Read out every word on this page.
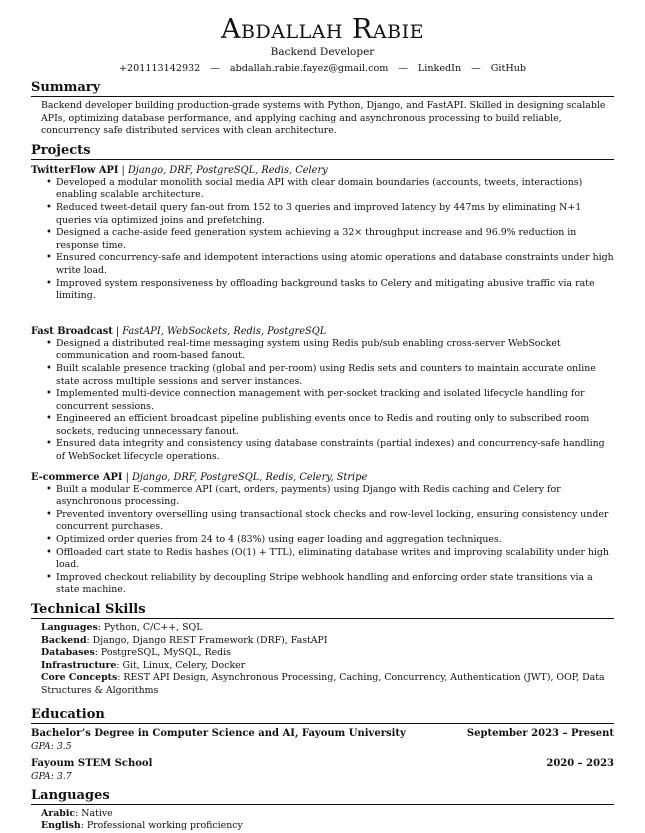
Abdallah Rabie
Backend Developer
+201113142932 — abdallah.rabie.fayez@gmail.com — LinkedIn — GitHub
Summary
Backend developer building production-grade systems with Python, Django, and FastAPI. Skilled in designing scalable APIs, optimizing database performance, and applying caching and asynchronous processing to build reliable, concurrency safe distributed services with clean architecture.
Projects
TwitterFlow API | Django, DRF, PostgreSQL, Redis, Celery
• Developed a modular monolith social media API with clear domain boundaries (accounts, tweets, interactions) enabling scalable architecture.
• Reduced tweet-detail query fan-out from 152 to 3 queries and improved latency by 447ms by eliminating N+1 queries via optimized joins and prefetching.
• Designed a cache-aside feed generation system achieving a 32× throughput increase and 96.9% reduction in response time.
• Ensured concurrency-safe and idempotent interactions using atomic operations and database constraints under high write load.
• Improved system responsiveness by offloading background tasks to Celery and mitigating abusive traffic via rate limiting.
Fast Broadcast | FastAPI, WebSockets, Redis, PostgreSQL
• Designed a distributed real-time messaging system using Redis pub/sub enabling cross-server WebSocket communication and room-based fanout.
• Built scalable presence tracking (global and per-room) using Redis sets and counters to maintain accurate online state across multiple sessions and server instances.
• Implemented multi-device connection management with per-socket tracking and isolated lifecycle handling for concurrent sessions.
• Engineered an efficient broadcast pipeline publishing events once to Redis and routing only to subscribed room sockets, reducing unnecessary fanout.
• Ensured data integrity and consistency using database constraints (partial indexes) and concurrency-safe handling of WebSocket lifecycle operations.
E-commerce API | Django, DRF, PostgreSQL, Redis, Celery, Stripe
• Built a modular E-commerce API (cart, orders, payments) using Django with Redis caching and Celery for asynchronous processing.
• Prevented inventory overselling using transactional stock checks and row-level locking, ensuring consistency under concurrent purchases.
• Optimized order queries from 24 to 4 (83%) using eager loading and aggregation techniques.
• Offloaded cart state to Redis hashes (O(1) + TTL), eliminating database writes and improving scalability under high load.
• Improved checkout reliability by decoupling Stripe webhook handling and enforcing order state transitions via a state machine.
Technical Skills
Languages: Python, C/C++, SQL
Backend: Django, Django REST Framework (DRF), FastAPI
Databases: PostgreSQL, MySQL, Redis
Infrastructure: Git, Linux, Celery, Docker
Core Concepts: REST API Design, Asynchronous Processing, Caching, Concurrency, Authentication (JWT), OOP, Data Structures & Algorithms
Education
Bachelor’s Degree in Computer Science and AI, Fayoum University	September 2023 – Present
GPA: 3.5
Fayoum STEM School	2020 – 2023
GPA: 3.7
Languages
Arabic: Native
English: Professional working proficiency
